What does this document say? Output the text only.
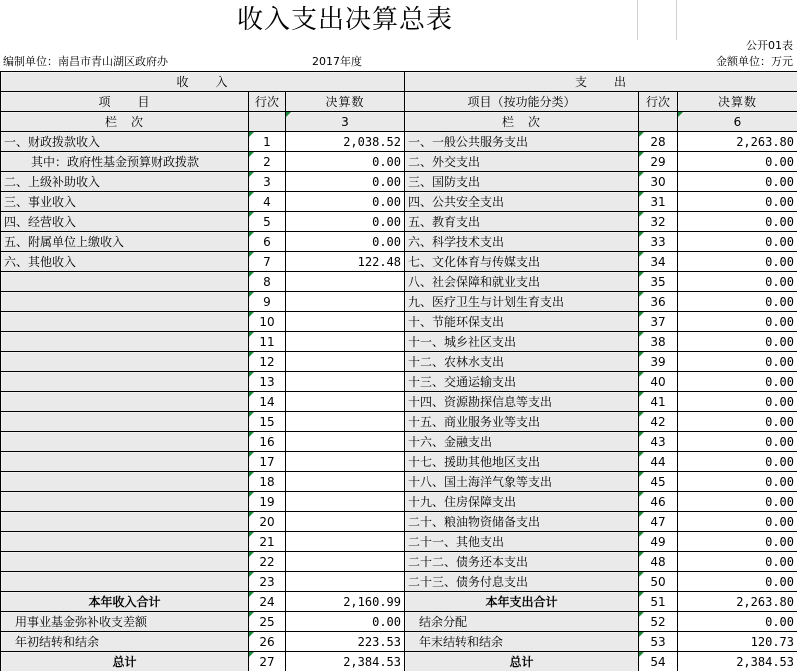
收入支出决算总表
公开01表
编制单位：南昌市青山湖区政府办	2017年度	金额单位：万元
收　　入			支　　出		
项　　目	行次	决算数	项目（按功能分类）	行次	决算数
栏　次		3	栏　次		6
一、财政拨款收入	1	2,038.52	一、一般公共服务支出	28	2,263.80
其中：政府性基金预算财政拨款	2	0.00	二、外交支出	29	0.00
二、上级补助收入	3	0.00	三、国防支出	30	0.00
三、事业收入	4	0.00	四、公共安全支出	31	0.00
四、经营收入	5	0.00	五、教育支出	32	0.00
五、附属单位上缴收入	6	0.00	六、科学技术支出	33	0.00
六、其他收入	7	122.48	七、文化体育与传媒支出	34	0.00
	8		八、社会保障和就业支出	35	0.00
	9		九、医疗卫生与计划生育支出	36	0.00
	10		十、节能环保支出	37	0.00
	11		十一、城乡社区支出	38	0.00
	12		十二、农林水支出	39	0.00
	13		十三、交通运输支出	40	0.00
	14		十四、资源勘探信息等支出	41	0.00
	15		十五、商业服务业等支出	42	0.00
	16		十六、金融支出	43	0.00
	17		十七、援助其他地区支出	44	0.00
	18		十八、国土海洋气象等支出	45	0.00
	19		十九、住房保障支出	46	0.00
	20		二十、粮油物资储备支出	47	0.00
	21		二十一、其他支出	49	0.00
	22		二十二、债务还本支出	48	0.00
	23		二十三、债务付息支出	50	0.00
本年收入合计	24	2,160.99	本年支出合计	51	2,263.80
用事业基金弥补收支差额	25	0.00	结余分配	52	0.00
年初结转和结余	26	223.53	年末结转和结余	53	120.73
总计	27	2,384.53	总计	54	2,384.53
